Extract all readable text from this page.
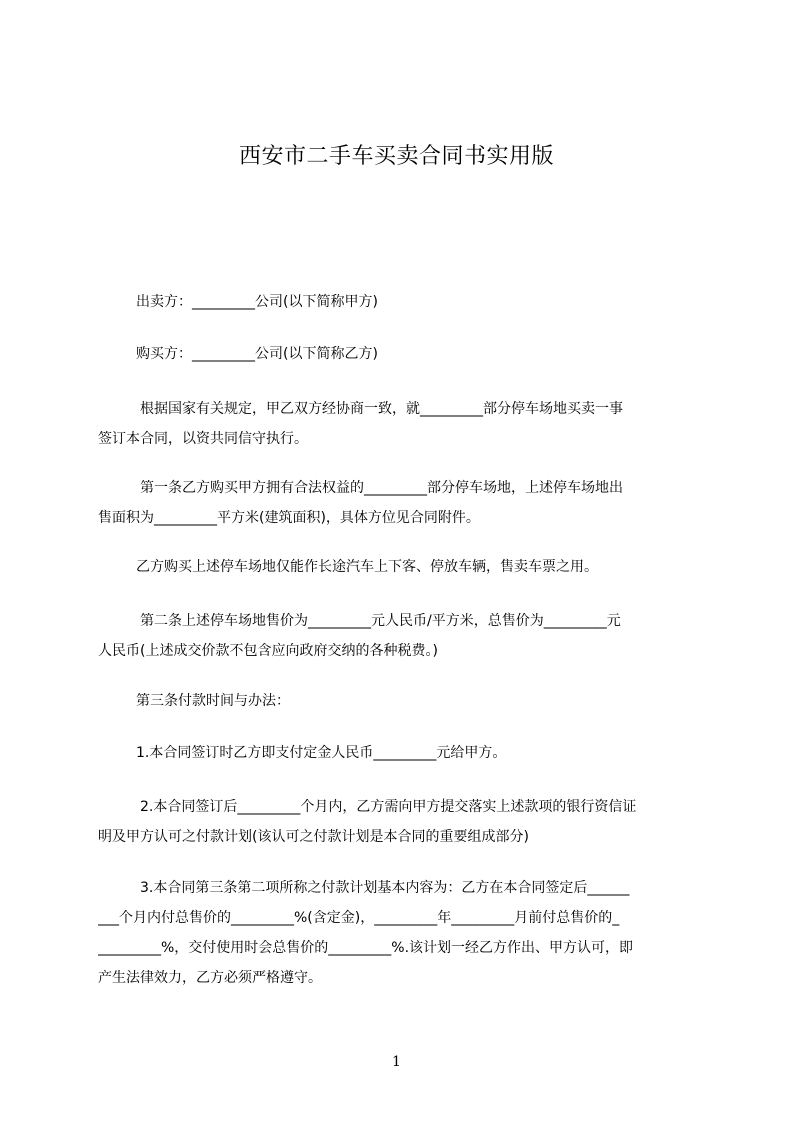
西安市二手车买卖合同书实用版

出卖方：_________公司(以下简称甲方)

购买方：_________公司(以下简称乙方)

根据国家有关规定，甲乙双方经协商一致，就_________部分停车场地买卖一事
签订本合同，以资共同信守执行。
第一条乙方购买甲方拥有合法权益的_________部分停车场地，上述停车场地出
售面积为_________平方米(建筑面积)，具体方位见合同附件。

乙方购买上述停车场地仅能作长途汽车上下客、停放车辆，售卖车票之用。

第二条上述停车场地售价为_________元人民币/平方米，总售价为_________元
人民币(上述成交价款不包含应向政府交纳的各种税费。)

第三条付款时间与办法：

1.本合同签订时乙方即支付定金人民币_________元给甲方。

2.本合同签订后_________个月内，乙方需向甲方提交落实上述款项的银行资信证
明及甲方认可之付款计划(该认可之付款计划是本合同的重要组成部分)
3.本合同第三条第二项所称之付款计划基本内容为：乙方在本合同签定后______
___个月内付总售价的_________%(含定金)，_________年_________月前付总售价的_
_________%，交付使用时会总售价的_________%.该计划一经乙方作出、甲方认可，即
产生法律效力，乙方必须严格遵守。
1
